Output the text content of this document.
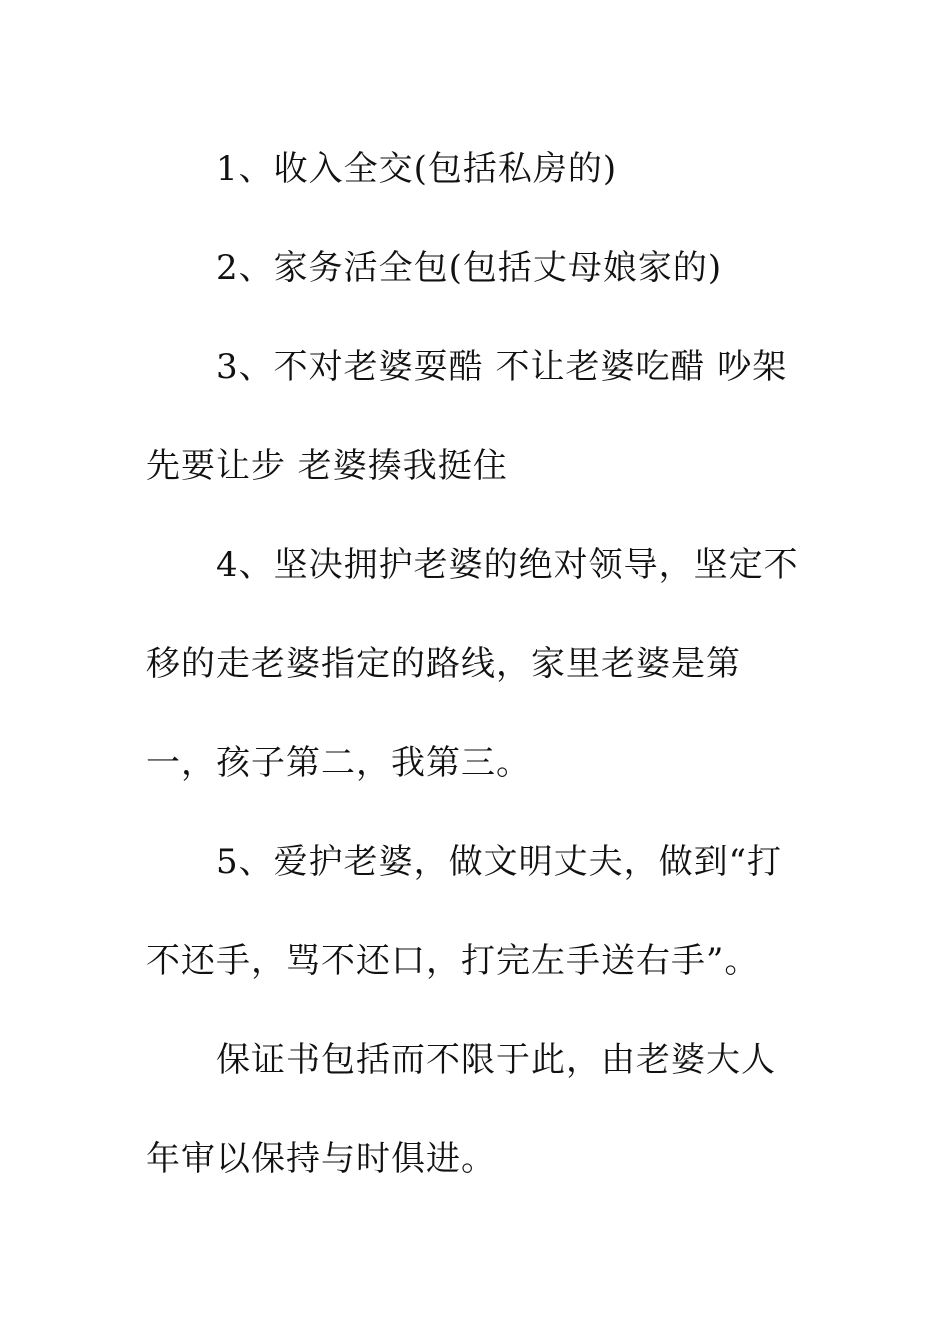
1、收入全交(包括私房的)

2、家务活全包(包括丈母娘家的)

3、不对老婆耍酷 不让老婆吃醋 吵架先要让步 老婆揍我挺住

4、坚决拥护老婆的绝对领导，坚定不移的走老婆指定的路线，家里老婆是第一，孩子第二，我第三。

5、爱护老婆，做文明丈夫，做到“打不还手，骂不还口，打完左手送右手”。

保证书包括而不限于此，由老婆大人年审以保持与时俱进。
